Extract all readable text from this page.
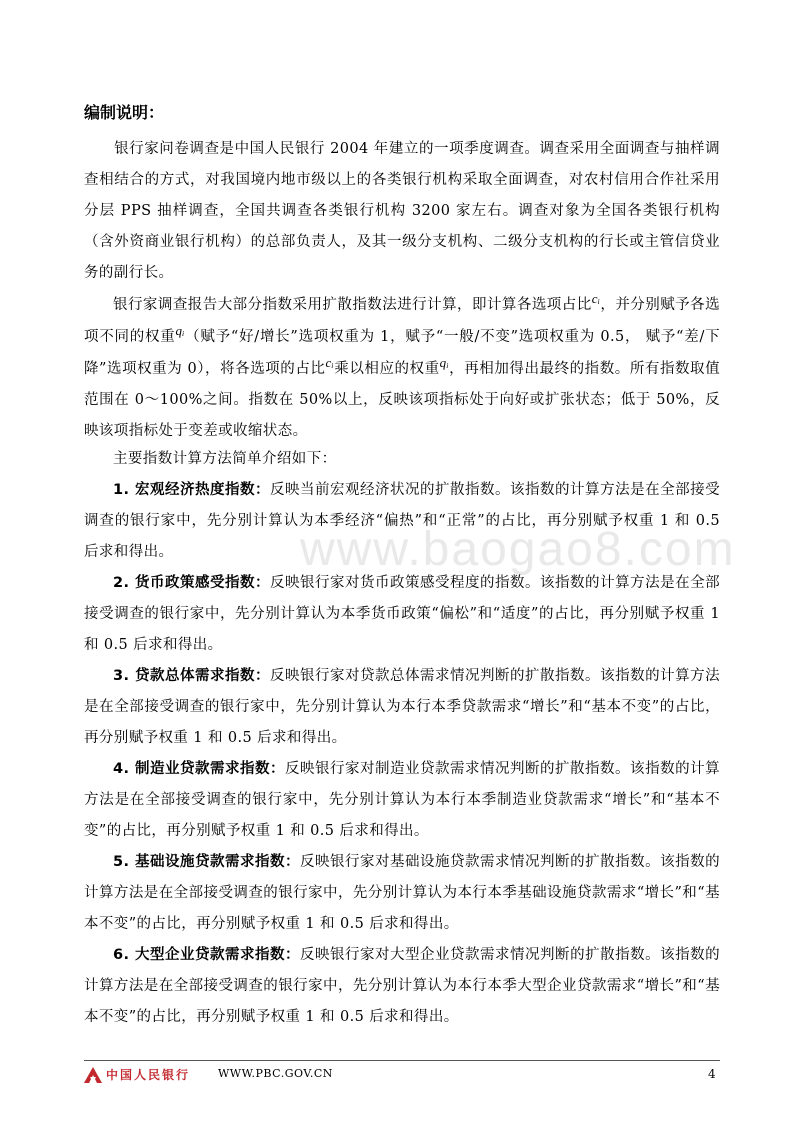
www.baogao8.com
编制说明：
　　银行家问卷调查是中国人民银行 2004 年建立的一项季度调查。调查采用全面调查与抽样调查相结合的方式，对我国境内地市级以上的各类银行机构采取全面调查，对农村信用合作社采用分层 PPS 抽样调查，全国共调查各类银行机构 3200 家左右。调查对象为全国各类银行机构（含外资商业银行机构）的总部负责人，及其一级分支机构、二级分支机构的行长或主管信贷业务的副行长。
银行家调查报告大部分指数采用扩散指数法进行计算，即计算各选项占比cᵢ，并分别赋予各选项不同的权重qᵢ（赋予“好/增长”选项权重为 1，赋予“一般/不变”选项权重为 0.5， 赋予“差/下降”选项权重为 0），将各选项的占比cᵢ乘以相应的权重qᵢ，再相加得出最终的指数。所有指数取值范围在 0～100%之间。指数在 50%以上，反映该项指标处于向好或扩张状态；低于 50%，反映该项指标处于变差或收缩状态。
主要指数计算方法简单介绍如下：
1. 宏观经济热度指数：反映当前宏观经济状况的扩散指数。该指数的计算方法是在全部接受调查的银行家中，先分别计算认为本季经济“偏热”和“正常”的占比，再分别赋予权重 1 和 0.5 后求和得出。
2. 货币政策感受指数：反映银行家对货币政策感受程度的指数。该指数的计算方法是在全部接受调查的银行家中，先分别计算认为本季货币政策“偏松”和“适度”的占比，再分别赋予权重 1 和 0.5 后求和得出。
3. 贷款总体需求指数：反映银行家对贷款总体需求情况判断的扩散指数。该指数的计算方法是在全部接受调查的银行家中，先分别计算认为本行本季贷款需求“增长”和“基本不变”的占比，再分别赋予权重 1 和 0.5 后求和得出。
4. 制造业贷款需求指数：反映银行家对制造业贷款需求情况判断的扩散指数。该指数的计算方法是在全部接受调查的银行家中，先分别计算认为本行本季制造业贷款需求“增长”和“基本不变”的占比，再分别赋予权重 1 和 0.5 后求和得出。
5. 基础设施贷款需求指数：反映银行家对基础设施贷款需求情况判断的扩散指数。该指数的计算方法是在全部接受调查的银行家中，先分别计算认为本行本季基础设施贷款需求“增长”和“基本不变”的占比，再分别赋予权重 1 和 0.5 后求和得出。
6. 大型企业贷款需求指数：反映银行家对大型企业贷款需求情况判断的扩散指数。该指数的计算方法是在全部接受调查的银行家中，先分别计算认为本行本季大型企业贷款需求“增长”和“基本不变”的占比，再分别赋予权重 1 和 0.5 后求和得出。
中国人民银行	WWW.PBC.GOV.CN	4
